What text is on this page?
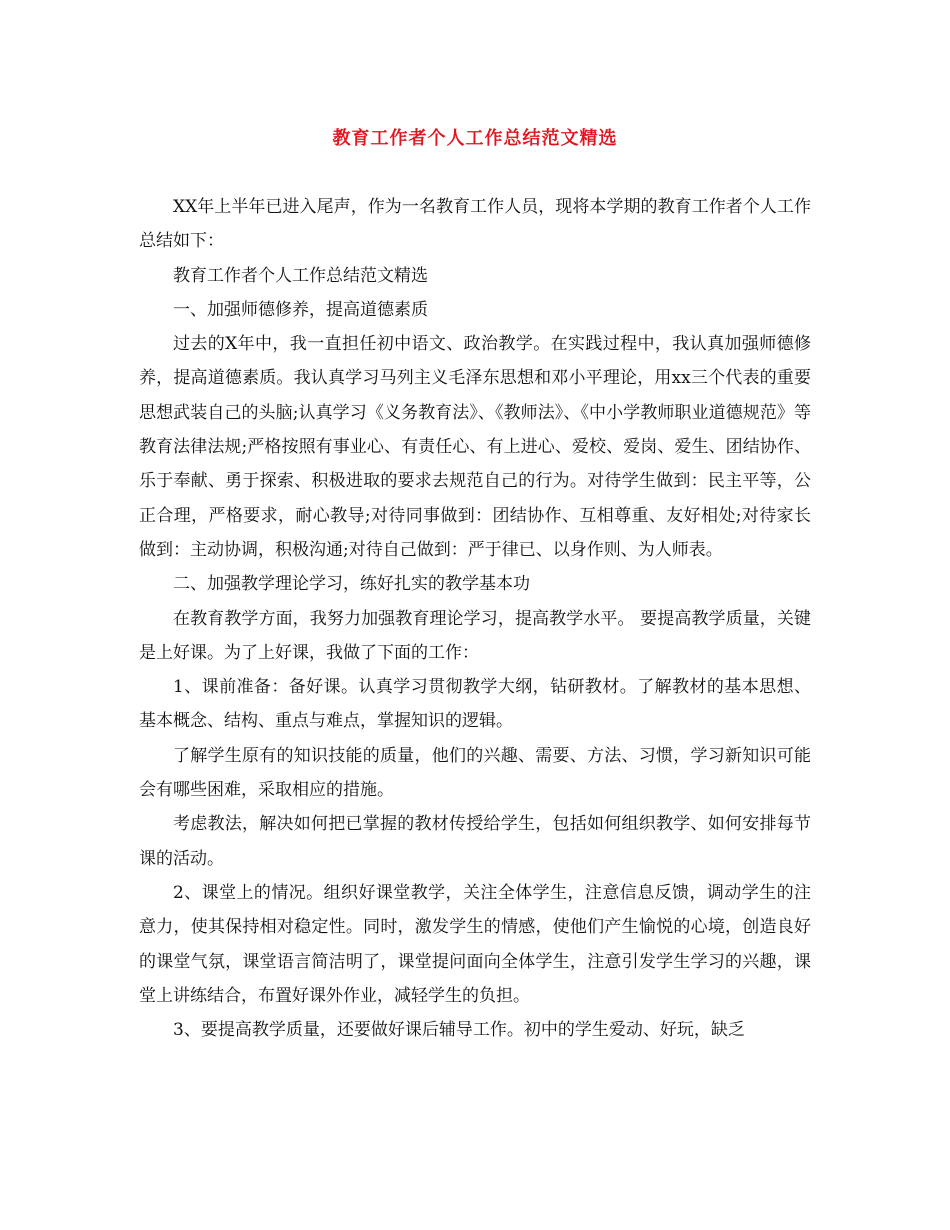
教育工作者个人工作总结范文精选

XX年上半年已进入尾声，作为一名教育工作人员，现将本学期的教育工作者个人工作总结如下：

教育工作者个人工作总结范文精选

一、加强师德修养，提高道德素质

过去的X年中，我一直担任初中语文、政治教学。在实践过程中，我认真加强师德修养，提高道德素质。我认真学习马列主义毛泽东思想和邓小平理论，用xx三个代表的重要思想武装自己的头脑;认真学习《义务教育法》、《教师法》、《中小学教师职业道德规范》等教育法律法规;严格按照有事业心、有责任心、有上进心、爱校、爱岗、爱生、团结协作、乐于奉献、勇于探索、积极进取的要求去规范自己的行为。对待学生做到：民主平等，公正合理，严格要求，耐心教导;对待同事做到：团结协作、互相尊重、友好相处;对待家长做到：主动协调，积极沟通;对待自己做到：严于律已、以身作则、为人师表。

二、加强教学理论学习，练好扎实的教学基本功

在教育教学方面，我努力加强教育理论学习，提高教学水平。 要提高教学质量，关键是上好课。为了上好课，我做了下面的工作：

1、课前准备：备好课。认真学习贯彻教学大纲，钻研教材。了解教材的基本思想、基本概念、结构、重点与难点，掌握知识的逻辑。

了解学生原有的知识技能的质量，他们的兴趣、需要、方法、习惯，学习新知识可能会有哪些困难，采取相应的措施。

考虑教法，解决如何把已掌握的教材传授给学生，包括如何组织教学、如何安排每节课的活动。

2、课堂上的情况。组织好课堂教学，关注全体学生，注意信息反馈，调动学生的注意力，使其保持相对稳定性。同时，激发学生的情感，使他们产生愉悦的心境，创造良好的课堂气氛，课堂语言简洁明了，课堂提问面向全体学生，注意引发学生学习的兴趣，课堂上讲练结合，布置好课外作业，减轻学生的负担。

3、要提高教学质量，还要做好课后辅导工作。初中的学生爱动、好玩，缺乏
